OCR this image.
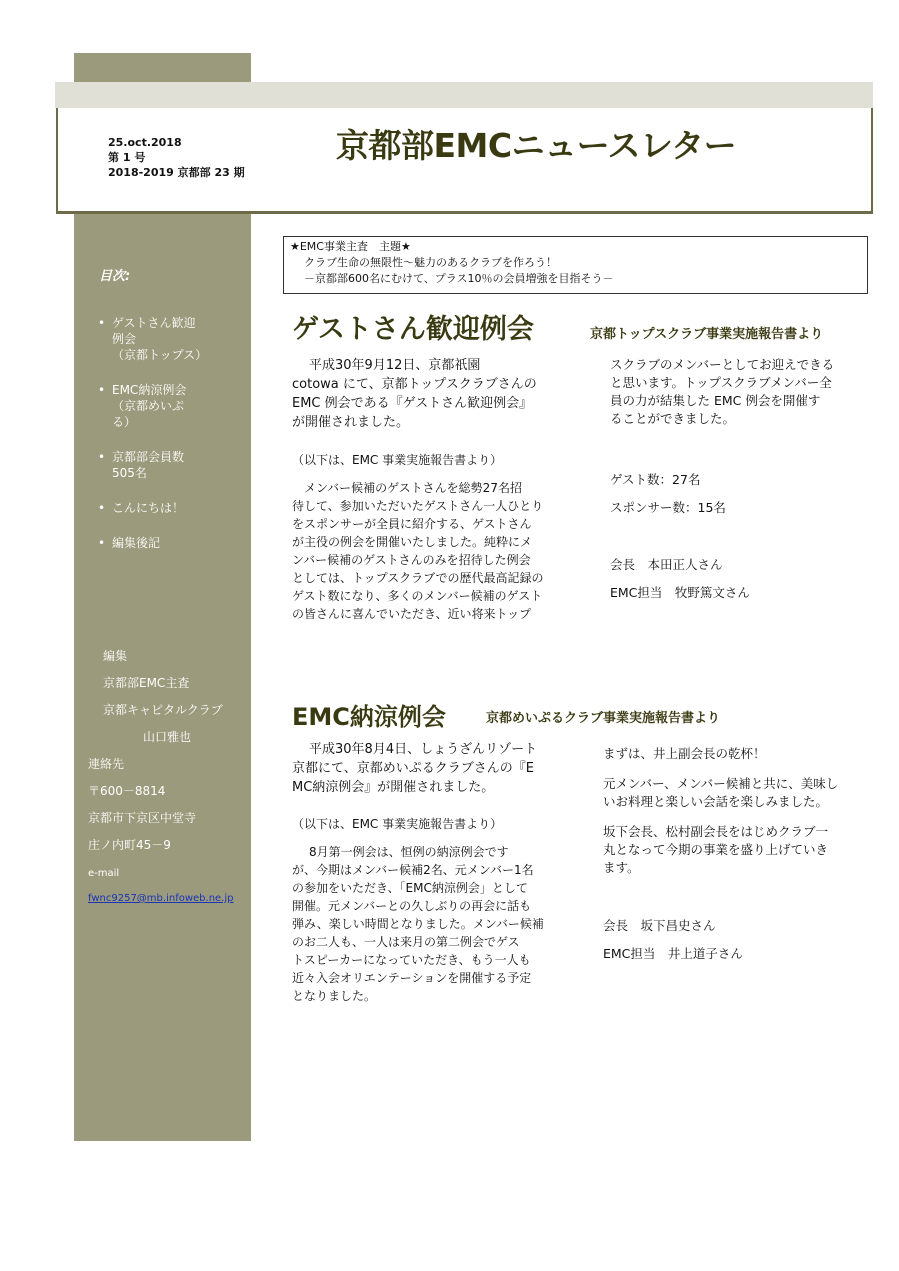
25.oct.2018
第 1 号
2018-2019 京都部 23 期
京都部EMCニュースレター
目次:
• ゲストさん歓迎
例会
（京都トップス）
• EMC納涼例会
（京都めいぷ
る）
• 京都部会員数
505名
• こんにちは！
• 編集後記
編集
京都部EMC主査
京都キャピタルクラブ
山口雅也
連絡先
〒600－8814
京都市下京区中堂寺
庄ノ内町45－9
e-mail
fwnc9257@mb.infoweb.ne.jp
★EMC事業主査　主題★
クラブ生命の無限性～魅力のあるクラブを作ろう！
－京都部600名にむけて、プラス10％の会員増強を目指そう－
ゲストさん歓迎例会	京都トップスクラブ事業実施報告書より
平成30年9月12日、京都祇園
cotowa にて、京都トップスクラブさんの
EMC 例会である『ゲストさん歓迎例会』
が開催されました。
（以下は、EMC 事業実施報告書より）
メンバー候補のゲストさんを総勢27名招
待して、参加いただいたゲストさん一人ひとり
をスポンサーが全員に紹介する、ゲストさん
が主役の例会を開催いたしました。純粋にメ
ンバー候補のゲストさんのみを招待した例会
としては、トップスクラブでの歴代最高記録の
ゲスト数になり、多くのメンバー候補のゲスト
の皆さんに喜んでいただき、近い将来トップ
スクラブのメンバーとしてお迎えできる
と思います。トップスクラブメンバー全
員の力が結集した EMC 例会を開催す
ることができました。
ゲスト数：27名
スポンサー数：15名
会長　本田正人さん
EMC担当　牧野篤文さん
EMC納涼例会	京都めいぷるクラブ事業実施報告書より
平成30年8月4日、しょうざんリゾート
京都にて、京都めいぷるクラブさんの『E
MC納涼例会』が開催されました。
（以下は、EMC 事業実施報告書より）
8月第一例会は、恒例の納涼例会です
が、今期はメンバー候補2名、元メンバー1名
の参加をいただき、「EMC納涼例会」として
開催。元メンバーとの久しぶりの再会に話も
弾み、楽しい時間となりました。メンバー候補
のお二人も、一人は来月の第二例会でゲス
トスピーカーになっていただき、もう一人も
近々入会オリエンテーションを開催する予定
となりました。
まずは、井上副会長の乾杯！
元メンバー、メンバー候補と共に、美味し
いお料理と楽しい会話を楽しみました。
坂下会長、松村副会長をはじめクラブ一
丸となって今期の事業を盛り上げていき
ます。
会長　坂下昌史さん
EMC担当　井上道子さん
